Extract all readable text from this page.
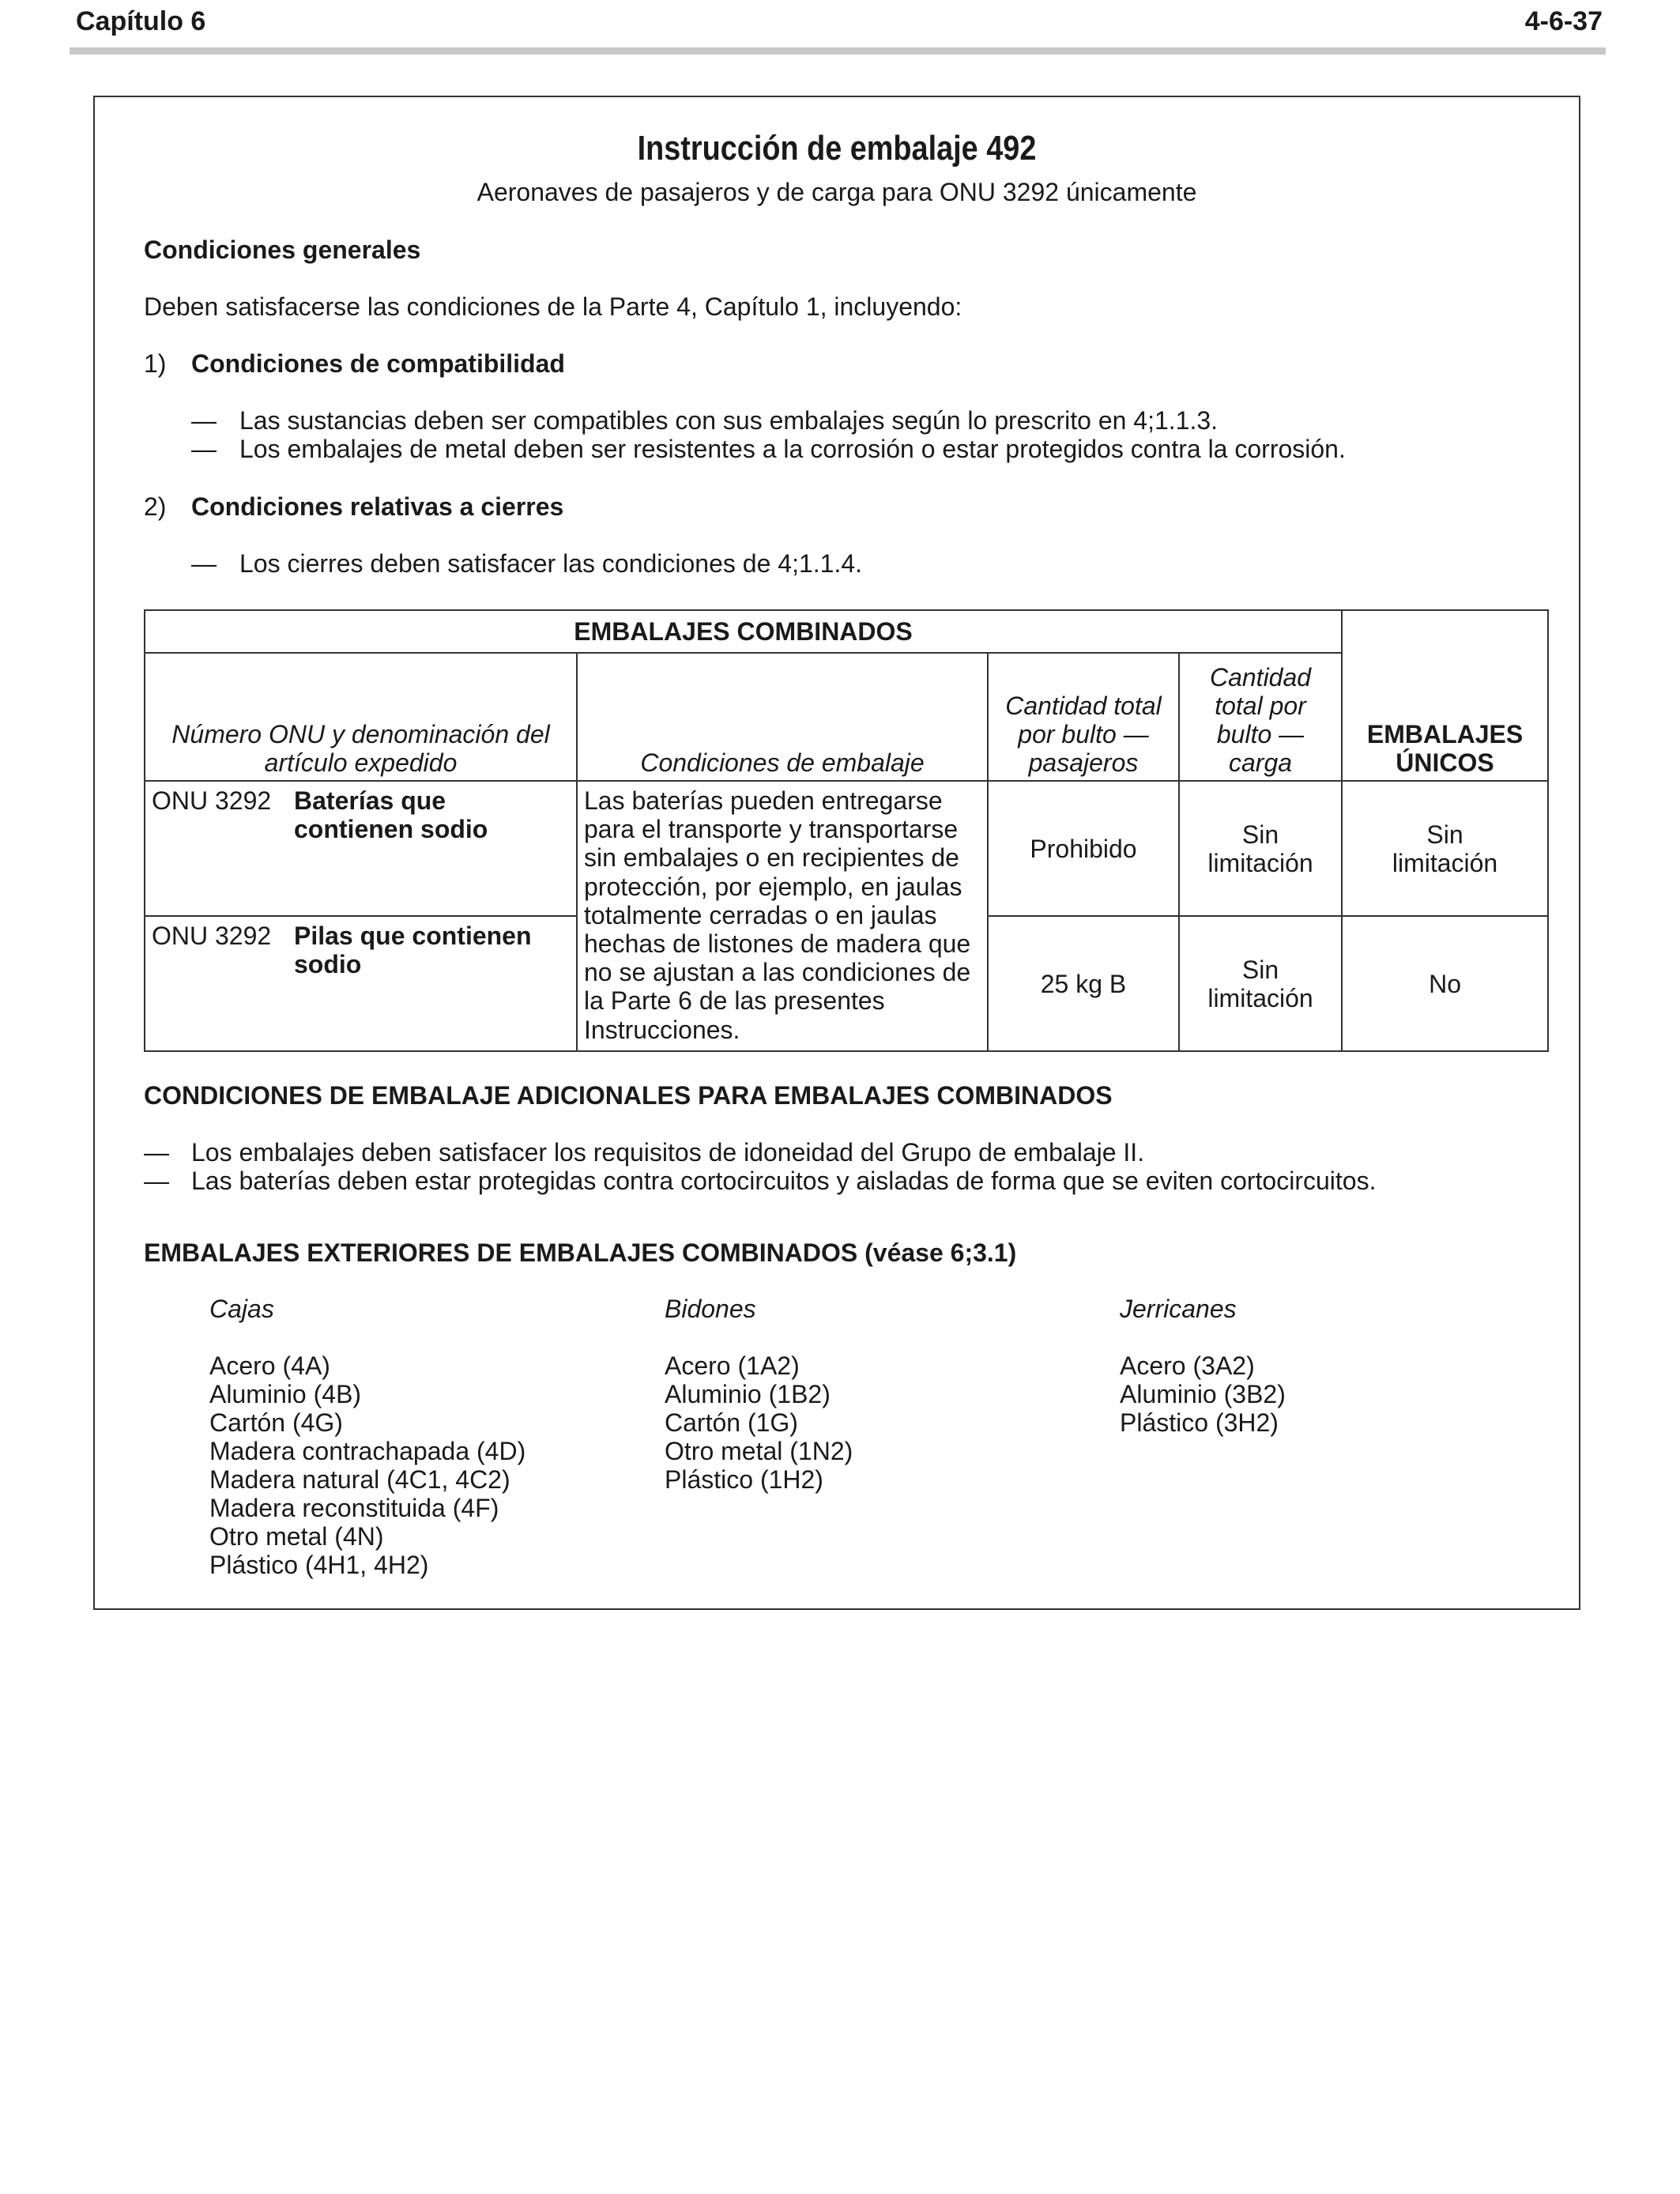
Capítulo 6	4-6-37
Instrucción de embalaje 492
Aeronaves de pasajeros y de carga para ONU 3292 únicamente
Condiciones generales
Deben satisfacerse las condiciones de la Parte 4, Capítulo 1, incluyendo:
1) Condiciones de compatibilidad
— Las sustancias deben ser compatibles con sus embalajes según lo prescrito en 4;1.1.3.
— Los embalajes de metal deben ser resistentes a la corrosión o estar protegidos contra la corrosión.
2) Condiciones relativas a cierres
— Los cierres deben satisfacer las condiciones de 4;1.1.4.
EMBALAJES COMBINADOS				EMBALAJES ÚNICOS
Número ONU y denominación del artículo expedido	Condiciones de embalaje	Cantidad total por bulto — pasajeros	Cantidad total por bulto — carga	

ONU 3292 Baterías que contienen sodio	Las baterías pueden entregarse para el transporte y transportarse sin embalajes o en recipientes de protección, por ejemplo, en jaulas totalmente cerradas o en jaulas hechas de listones de madera que no se ajustan a las condiciones de la Parte 6 de las presentes Instrucciones.	Prohibido	Sin limitación	Sin limitación

ONU 3292 Pilas que contienen sodio		25 kg B	Sin limitación	No
CONDICIONES DE EMBALAJE ADICIONALES PARA EMBALAJES COMBINADOS
— Los embalajes deben satisfacer los requisitos de idoneidad del Grupo de embalaje II.
— Las baterías deben estar protegidas contra cortocircuitos y aisladas de forma que se eviten cortocircuitos.
EMBALAJES EXTERIORES DE EMBALAJES COMBINADOS (véase 6;3.1)
Cajas
Acero (4A)
Aluminio (4B)
Cartón (4G)
Madera contrachapada (4D)
Madera natural (4C1, 4C2)
Madera reconstituida (4F)
Otro metal (4N)
Plástico (4H1, 4H2)
Bidones
Acero (1A2)
Aluminio (1B2)
Cartón (1G)
Otro metal (1N2)
Plástico (1H2)
Jerricanes
Acero (3A2)
Aluminio (3B2)
Plástico (3H2)
